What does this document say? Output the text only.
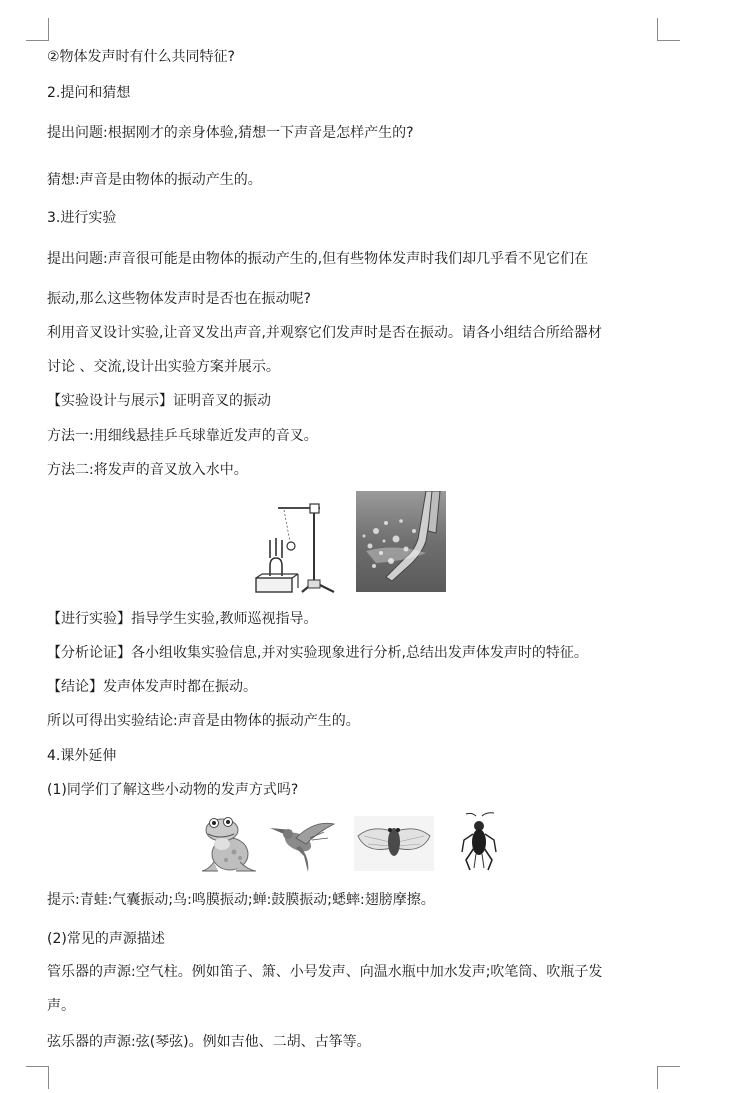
②物体发声时有什么共同特征?
2.提问和猜想
提出问题:根据刚才的亲身体验,猜想一下声音是怎样产生的?
猜想:声音是由物体的振动产生的。
3.进行实验
提出问题:声音很可能是由物体的振动产生的,但有些物体发声时我们却几乎看不见它们在
振动,那么这些物体发声时是否也在振动呢?
利用音叉设计实验,让音叉发出声音,并观察它们发声时是否在振动。请各小组结合所给器材
讨论 、交流,设计出实验方案并展示。
【实验设计与展示】证明音叉的振动
方法一:用细线悬挂乒乓球靠近发声的音叉。
方法二:将发声的音叉放入水中。
【进行实验】指导学生实验,教师巡视指导。
【分析论证】各小组收集实验信息,并对实验现象进行分析,总结出发声体发声时的特征。
【结论】发声体发声时都在振动。
所以可得出实验结论:声音是由物体的振动产生的。
4.课外延伸
(1)同学们了解这些小动物的发声方式吗?
提示:青蛙:气囊振动;鸟:鸣膜振动;蝉:鼓膜振动;蟋蟀:翅膀摩擦。
(2)常见的声源描述
管乐器的声源:空气柱。例如笛子、箫、小号发声、向温水瓶中加水发声;吹笔筒、吹瓶子发
声。
弦乐器的声源:弦(琴弦)。例如吉他、二胡、古筝等。
